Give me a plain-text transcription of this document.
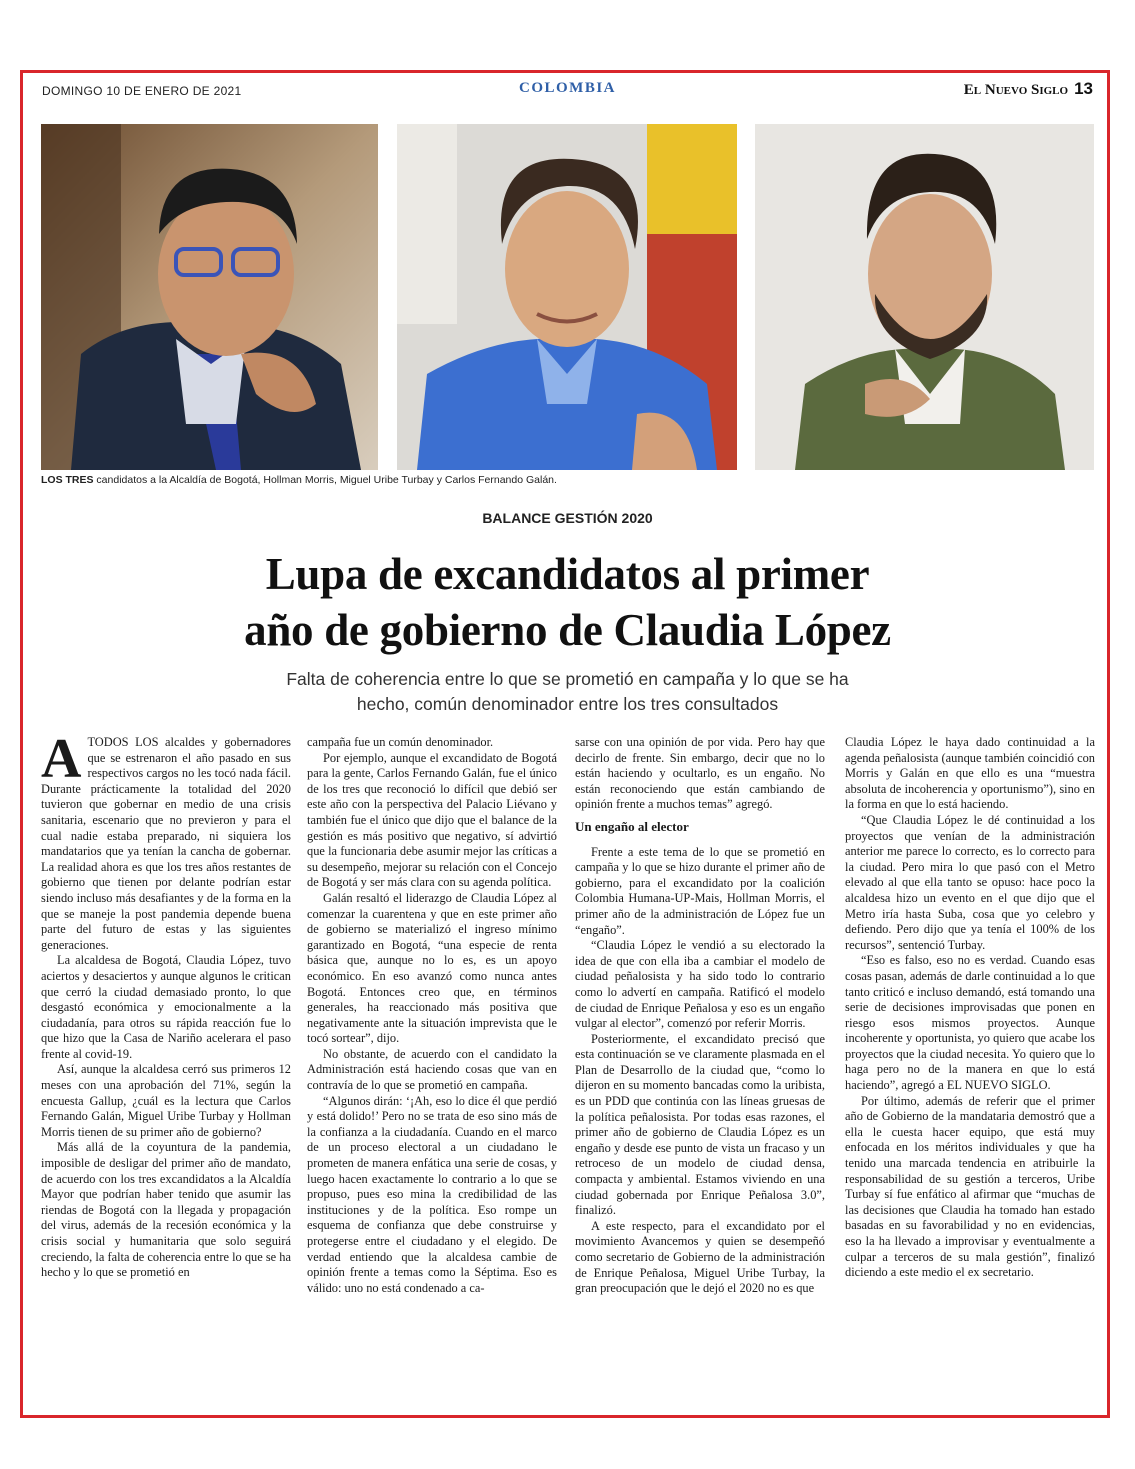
DOMINGO 10 DE ENERO DE 2021	COLOMBIA	El Nuevo Siglo 13
LOS TRES candidatos a la Alcaldía de Bogotá, Hollman Morris, Miguel Uribe Turbay y Carlos Fernando Galán.
BALANCE GESTIÓN 2020
Lupa de excandidatos al primer
año de gobierno de Claudia López
Falta de coherencia entre lo que se prometió en campaña y lo que se ha hecho, común denominador entre los tres consultados

ATODOS LOS alcaldes y gobernadores que se estrenaron el año pasado en sus respectivos cargos no les tocó nada fácil. Durante prácticamente la totalidad del 2020 tuvieron que gobernar en medio de una crisis sanitaria, escenario que no previeron y para el cual nadie estaba preparado, ni siquiera los mandatarios que ya tenían la cancha de gobernar. La realidad ahora es que los tres años restantes de gobierno que tienen por delante podrían estar siendo incluso más desafiantes y de la forma en la que se maneje la post pandemia depende buena parte del futuro de estas y las siguientes generaciones.

La alcaldesa de Bogotá, Claudia López, tuvo aciertos y desaciertos y aunque algunos le critican que cerró la ciudad demasiado pronto, lo que desgastó económica y emocionalmente a la ciudadanía, para otros su rápida reacción fue lo que hizo que la Casa de Nariño acelerara el paso frente al covid-19.

Así, aunque la alcaldesa cerró sus primeros 12 meses con una aprobación del 71%, según la encuesta Gallup, ¿cuál es la lectura que Carlos Fernando Galán, Miguel Uribe Turbay y Hollman Morris tienen de su primer año de gobierno?

Más allá de la coyuntura de la pandemia, imposible de desligar del primer año de mandato, de acuerdo con los tres excandidatos a la Alcaldía Mayor que podrían haber tenido que asumir las riendas de Bogotá con la llegada y propagación del virus, además de la recesión económica y la crisis social y humanitaria que solo seguirá creciendo, la falta de coherencia entre lo que se ha hecho y lo que se prometió en

campaña fue un común denominador.

Por ejemplo, aunque el excandidato de Bogotá para la gente, Carlos Fernando Galán, fue el único de los tres que reconoció lo difícil que debió ser este año con la perspectiva del Palacio Liévano y también fue el único que dijo que el balance de la gestión es más positivo que negativo, sí advirtió que la funcionaria debe asumir mejor las críticas a su desempeño, mejorar su relación con el Concejo de Bogotá y ser más clara con su agenda política.

Galán resaltó el liderazgo de Claudia López al comenzar la cuarentena y que en este primer año de gobierno se materializó el ingreso mínimo garantizado en Bogotá, “una especie de renta básica que, aunque no lo es, es un apoyo económico. En eso avanzó como nunca antes Bogotá. Entonces creo que, en términos generales, ha reaccionado más positiva que negativamente ante la situación imprevista que le tocó sortear”, dijo.

No obstante, de acuerdo con el candidato la Administración está haciendo cosas que van en contravía de lo que se prometió en campaña.

“Algunos dirán: ‘¡Ah, eso lo dice él que perdió y está dolido!’ Pero no se trata de eso sino más de la confianza a la ciudadanía. Cuando en el marco de un proceso electoral a un ciudadano le prometen de manera enfática una serie de cosas, y luego hacen exactamente lo contrario a lo que se propuso, pues eso mina la credibilidad de las instituciones y de la política. Eso rompe un esquema de confianza que debe construirse y protegerse entre el ciudadano y el elegido. De verdad entiendo que la alcaldesa cambie de opinión frente a temas como la Séptima. Eso es válido: uno no está condenado a ca-

sarse con una opinión de por vida. Pero hay que decirlo de frente. Sin embargo, decir que no lo están haciendo y ocultarlo, es un engaño. No están reconociendo que están cambiando de opinión frente a muchos temas” agregó.

Un engaño al elector

Frente a este tema de lo que se prometió en campaña y lo que se hizo durante el primer año de gobierno, para el excandidato por la coalición Colombia Humana-UP-Mais, Hollman Morris, el primer año de la administración de López fue un “engaño”.

“Claudia López le vendió a su electorado la idea de que con ella iba a cambiar el modelo de ciudad peñalosista y ha sido todo lo contrario como lo advertí en campaña. Ratificó el modelo de ciudad de Enrique Peñalosa y eso es un engaño vulgar al elector”, comenzó por referir Morris.

Posteriormente, el excandidato precisó que esta continuación se ve claramente plasmada en el Plan de Desarrollo de la ciudad que, “como lo dijeron en su momento bancadas como la uribista, es un PDD que continúa con las líneas gruesas de la política peñalosista. Por todas esas razones, el primer año de gobierno de Claudia López es un engaño y desde ese punto de vista un fracaso y un retroceso de un modelo de ciudad densa, compacta y ambiental. Estamos viviendo en una ciudad gobernada por Enrique Peñalosa 3.0”, finalizó.

A este respecto, para el excandidato por el movimiento Avancemos y quien se desempeñó como secretario de Gobierno de la administración de Enrique Peñalosa, Miguel Uribe Turbay, la gran preocupación que le dejó el 2020 no es que

Claudia López le haya dado continuidad a la agenda peñalosista (aunque también coincidió con Morris y Galán en que ello es una “muestra absoluta de incoherencia y oportunismo”), sino en la forma en que lo está haciendo.

“Que Claudia López le dé continuidad a los proyectos que venían de la administración anterior me parece lo correcto, es lo correcto para la ciudad. Pero mira lo que pasó con el Metro elevado al que ella tanto se opuso: hace poco la alcaldesa hizo un evento en el que dijo que el Metro iría hasta Suba, cosa que yo celebro y defiendo. Pero dijo que ya tenía el 100% de los recursos”, sentenció Turbay.

“Eso es falso, eso no es verdad. Cuando esas cosas pasan, además de darle continuidad a lo que tanto criticó e incluso demandó, está tomando una serie de decisiones improvisadas que ponen en riesgo esos mismos proyectos. Aunque incoherente y oportunista, yo quiero que acabe los proyectos que la ciudad necesita. Yo quiero que lo haga pero no de la manera en que lo está haciendo”, agregó a EL NUEVO SIGLO.

Por último, además de referir que el primer año de Gobierno de la mandataria demostró que a ella le cuesta hacer equipo, que está muy enfocada en los méritos individuales y que ha tenido una marcada tendencia en atribuirle la responsabilidad de su gestión a terceros, Uribe Turbay sí fue enfático al afirmar que “muchas de las decisiones que Claudia ha tomado han estado basadas en su favorabilidad y no en evidencias, eso la ha llevado a improvisar y eventualmente a culpar a terceros de su mala gestión”, finalizó diciendo a este medio el ex secretario.
